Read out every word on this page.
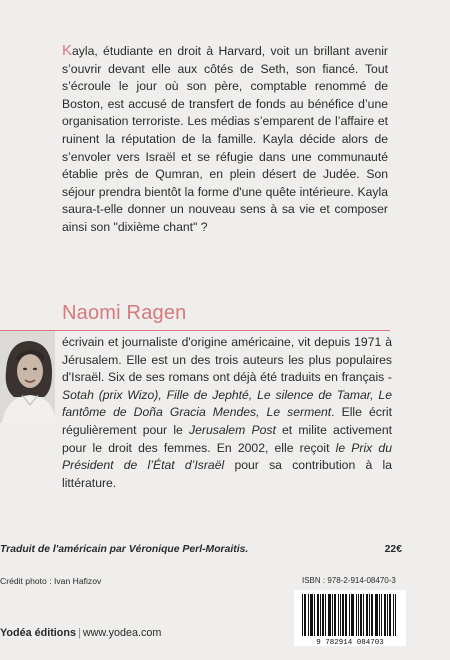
Kayla, étudiante en droit à Harvard, voit un brillant avenir s’ouvrir devant elle aux côtés de Seth, son fiancé. Tout s’écroule le jour où son père, comptable renommé de Boston, est accusé de transfert de fonds au bénéfice d’une organisation terroriste. Les médias s’emparent de l’affaire et ruinent la réputation de la famille. Kayla décide alors de s’envoler vers Israël et se réfugie dans une communauté établie près de Qumran, en plein désert de Judée. Son séjour prendra bientôt la forme d'une quête intérieure. Kayla saura-t-elle donner un nouveau sens à sa vie et composer ainsi son "dixième chant" ?
Naomi Ragen
écrivain et journaliste d'origine américaine, vit depuis 1971 à Jérusalem. Elle est un des trois auteurs les plus populaires d'Israël. Six de ses romans ont déjà été traduits en français - Sotah (prix Wizo), Fille de Jephté, Le silence de Tamar, Le fantôme de Doña Gracia Mendes, Le serment. Elle écrit régulièrement pour le Jerusalem Post et milite activement pour le droit des femmes. En 2002, elle reçoit le Prix du Président de l’État d’Israël pour sa contribution à la littérature.
Traduit de l'américain par Véronique Perl-Moraitis.	22€
Crédit photo : Ivan Hafizov	ISBN : 978-2-914-08470-3
9 782914 084703
Yodéa éditions | www.yodea.com
